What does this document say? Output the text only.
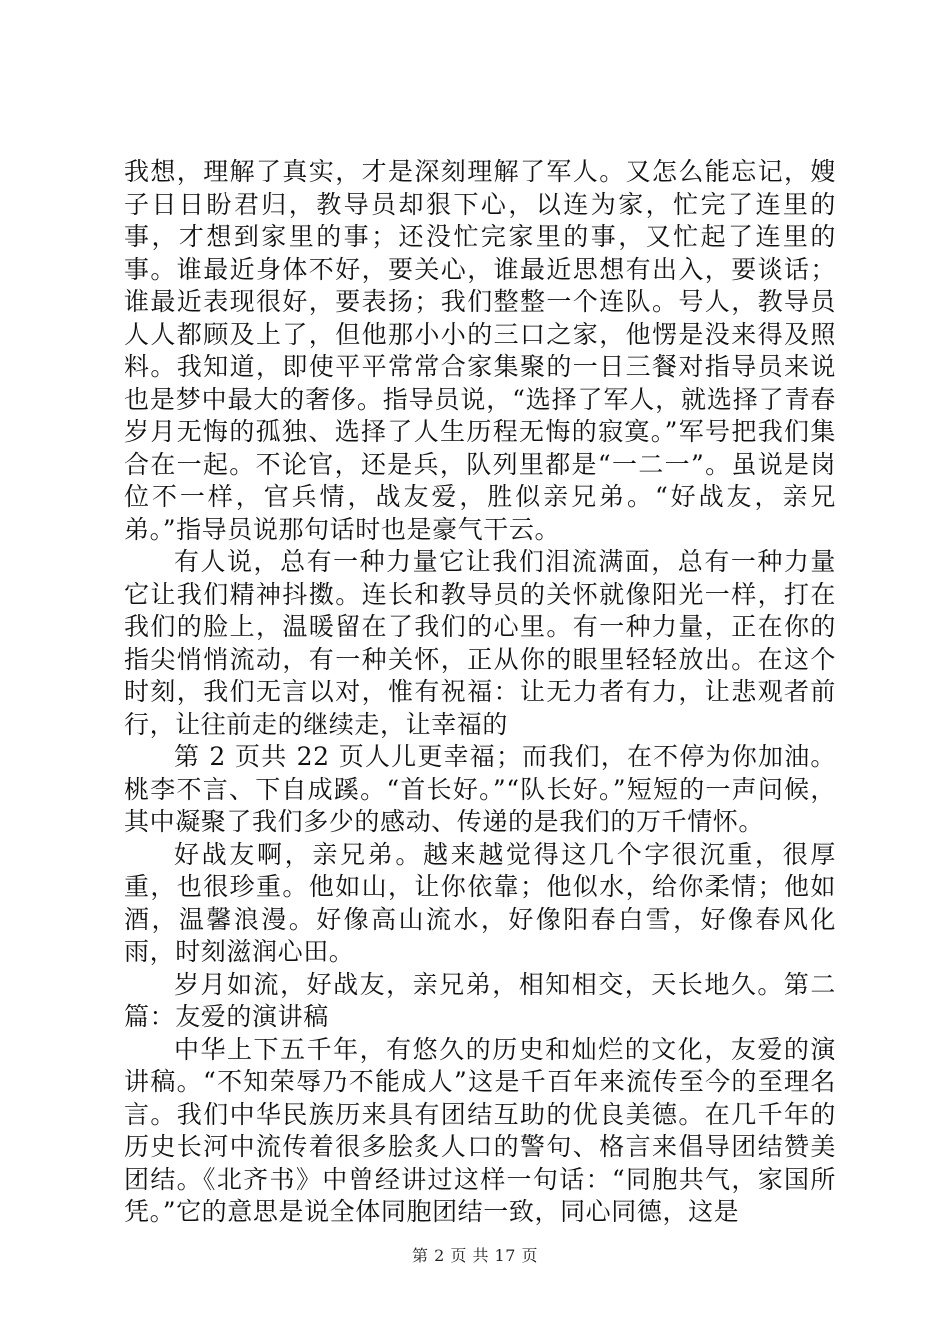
我想，理解了真实，才是深刻理解了军人。又怎么能忘记，嫂子日日盼君归，教导员却狠下心，以连为家，忙完了连里的事，才想到家里的事；还没忙完家里的事，又忙起了连里的事。谁最近身体不好，要关心，谁最近思想有出入，要谈话；谁最近表现很好，要表扬；我们整整一个连队。号人，教导员人人都顾及上了，但他那小小的三口之家，他愣是没来得及照料。我知道，即使平平常常合家集聚的一日三餐对指导员来说也是梦中最大的奢侈。指导员说，“选择了军人，就选择了青春岁月无悔的孤独、选择了人生历程无悔的寂寞。”军号把我们集合在一起。不论官，还是兵，队列里都是“一二一”。虽说是岗位不一样，官兵情，战友爱，胜似亲兄弟。“好战友，亲兄弟。”指导员说那句话时也是豪气干云。

有人说，总有一种力量它让我们泪流满面，总有一种力量它让我们精神抖擞。连长和教导员的关怀就像阳光一样，打在我们的脸上，温暖留在了我们的心里。有一种力量，正在你的指尖悄悄流动，有一种关怀，正从你的眼里轻轻放出。在这个时刻，我们无言以对，惟有祝福：让无力者有力，让悲观者前行，让往前走的继续走，让幸福的

第 2 页共 22 页人儿更幸福；而我们，在不停为你加油。桃李不言、下自成蹊。“首长好。”“队长好。”短短的一声问候，其中凝聚了我们多少的感动、传递的是我们的万千情怀。

好战友啊，亲兄弟。越来越觉得这几个字很沉重，很厚重，也很珍重。他如山，让你依靠；他似水，给你柔情；他如酒，温馨浪漫。好像高山流水，好像阳春白雪，好像春风化雨，时刻滋润心田。

岁月如流，好战友，亲兄弟，相知相交，天长地久。第二篇：友爱的演讲稿

中华上下五千年，有悠久的历史和灿烂的文化，友爱的演讲稿。“不知荣辱乃不能成人”这是千百年来流传至今的至理名言。我们中华民族历来具有团结互助的优良美德。在几千年的历史长河中流传着很多脍炙人口的警句、格言来倡导团结赞美团结。《北齐书》中曾经讲过这样一句话：“同胞共气，家国所凭。”它的意思是说全体同胞团结一致，同心同德，这是

第 2 页 共 17 页
